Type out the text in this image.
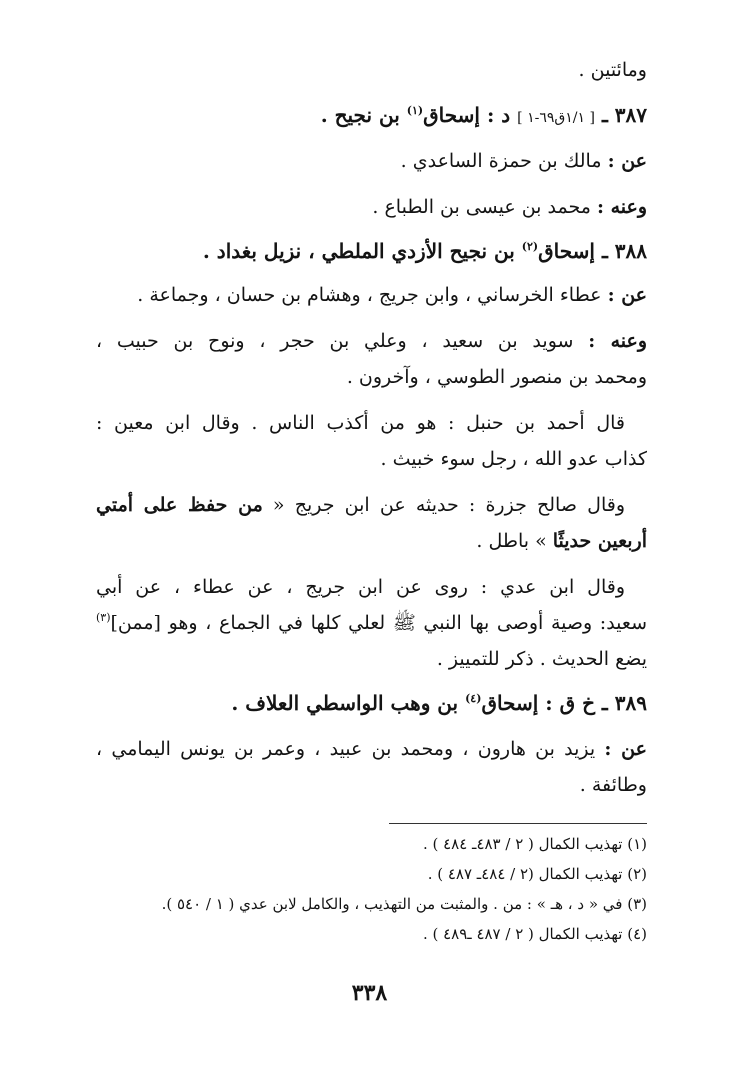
ومائتين .
٣٨٧ ـ [ ١/١ق٦٩-١ ] د : إسحاق$^{(١)}$ بن نجيح .
عن : مالك بن حمزة الساعدي .
وعنه : محمد بن عيسى بن الطباع .
٣٨٨ ـ إسحاق$^{(٢)}$ بن نجيح الأزدي الملطي ، نزيل بغداد .
عن : عطاء الخرساني ، وابن جريج ، وهشام بن حسان ، وجماعة .
وعنه : سويد بن سعيد ، وعلي بن حجر ، ونوح بن حبيب ،
ومحمد بن منصور الطوسي ، وآخرون .
قال أحمد بن حنبل : هو من أكذب الناس . وقال ابن معين :
كذاب عدو الله ، رجل سوء خبيث .
وقال صالح جزرة : حديثه عن ابن جريج « من حفظ على أمتي
أربعين حديثًا » باطل .
وقال ابن عدي : روى عن ابن جريج ، عن عطاء ، عن أبي
سعيد: وصية أوصى بها النبي ﷺ لعلي كلها في الجماع ، وهو [ممن]$^{(٣)}$
يضع الحديث . ذكر للتمييز .
٣٨٩ ـ خ ق : إسحاق$^{(٤)}$ بن وهب الواسطي العلاف .
عن : يزيد بن هارون ، ومحمد بن عبيد ، وعمر بن يونس اليمامي ،
وطائفة .
(١) تهذيب الكمال ( ٢ / ٤٨٣ـ ٤٨٤ ) .
(٢) تهذيب الكمال (٢ / ٤٨٤ـ ٤٨٧ ) .
(٣) في « د ، هـ » : من . والمثبت من التهذيب ، والكامل لابن عدي ( ١ / ٥٤٠ ).
(٤) تهذيب الكمال ( ٢ / ٤٨٧ ـ٤٨٩ ) .
٣٣٨
